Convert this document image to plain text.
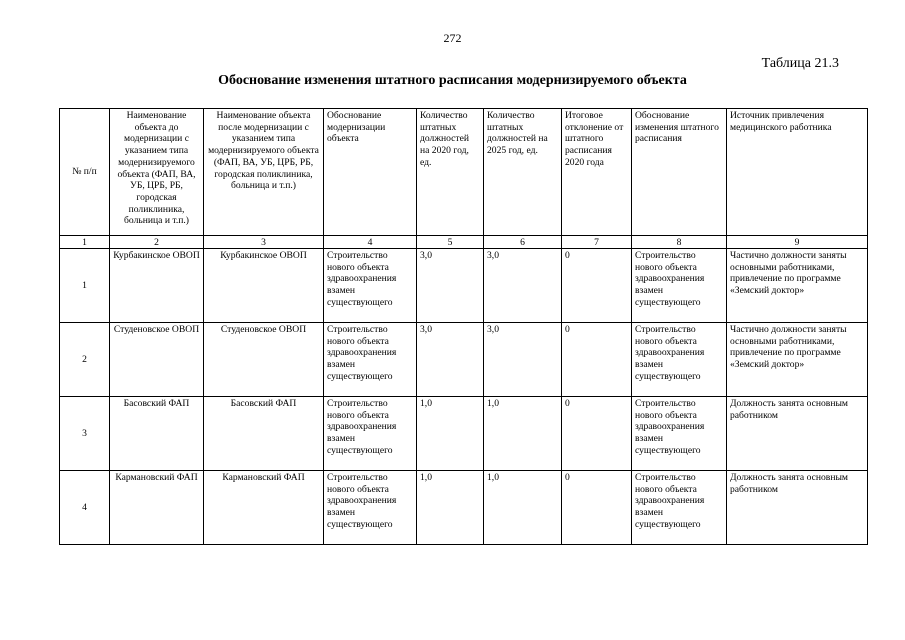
272
Таблица 21.3
Обоснование изменения штатного расписания модернизируемого объекта
№ п/п	Наименование объекта до модернизации с указанием типа модернизируемого объекта (ФАП, ВА, УБ, ЦРБ, РБ, городская поликлиника, больница и т.п.)	Наименование объекта после модернизации с указанием типа модернизируемого объекта (ФАП, ВА, УБ, ЦРБ, РБ, городская поликлиника, больница и т.п.)	Обоснование модернизации объекта	Количество штатных должностей на 2020 год, ед.	Количество штатных должностей на 2025 год, ед.	Итоговое отклонение от штатного расписания 2020 года	Обоснование изменения штатного расписания	Источник привлечения медицинского работника
1	2	3	4	5	6	7	8	9
1	Курбакинское ОВОП	Курбакинское ОВОП	Строительство нового объекта здравоохранения взамен существующего	3,0	3,0	0	Строительство нового объекта здравоохранения взамен существующего	Частично должности заняты основными работниками, привлечение по программе «Земский доктор»
2	Студеновское ОВОП	Студеновское ОВОП	Строительство нового объекта здравоохранения взамен существующего	3,0	3,0	0	Строительство нового объекта здравоохранения взамен существующего	Частично должности заняты основными работниками, привлечение по программе «Земский доктор»
3	Басовский ФАП	Басовский ФАП	Строительство нового объекта здравоохранения взамен существующего	1,0	1,0	0	Строительство нового объекта здравоохранения взамен существующего	Должность занята основным работником
4	Кармановский ФАП	Кармановский ФАП	Строительство нового объекта здравоохранения взамен существующего	1,0	1,0	0	Строительство нового объекта здравоохранения взамен существующего	Должность занята основным работником
